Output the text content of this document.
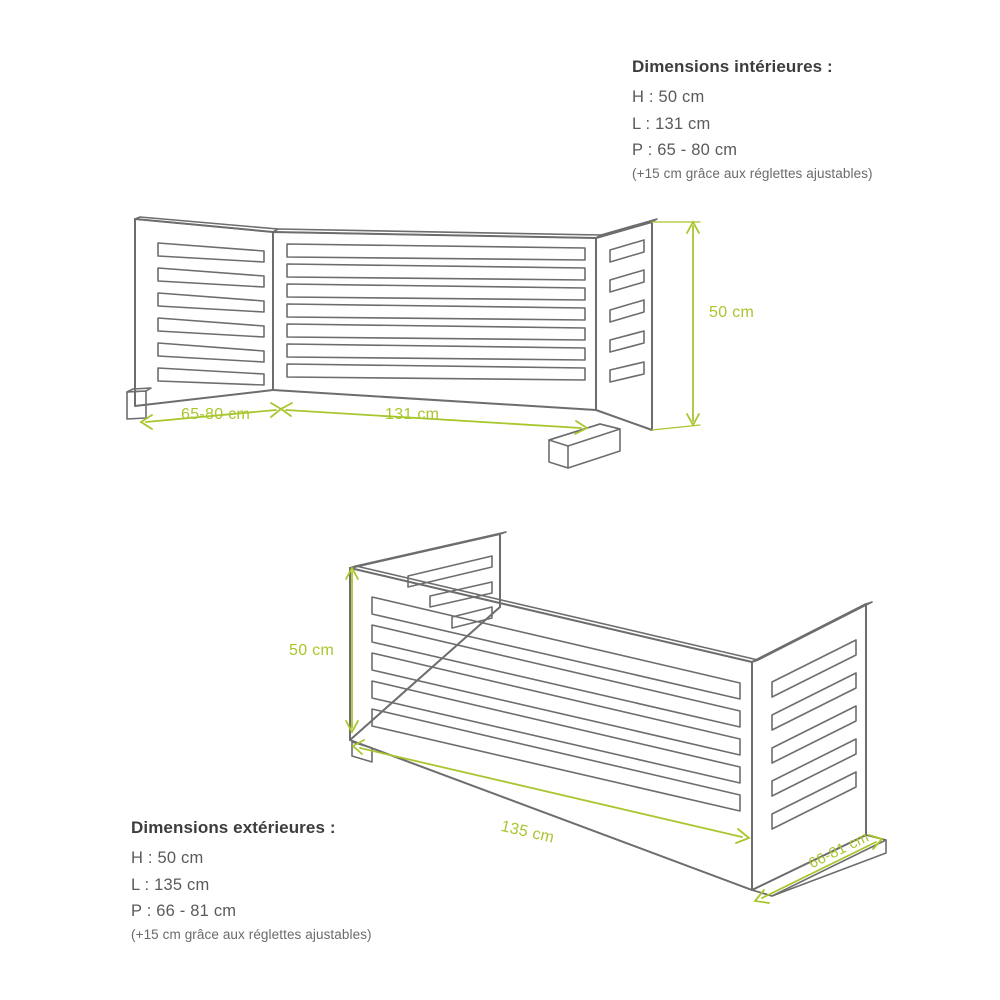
Dimensions intérieures :
H : 50 cm
L : 131 cm
P : 65 - 80 cm
(+15 cm grâce aux réglettes ajustables)
Dimensions extérieures :
H : 50 cm
L : 135 cm
P : 66 - 81 cm
(+15 cm grâce aux réglettes ajustables)
50 cm
65-80 cm	131 cm
50 cm
135 cm	66-81 cm
